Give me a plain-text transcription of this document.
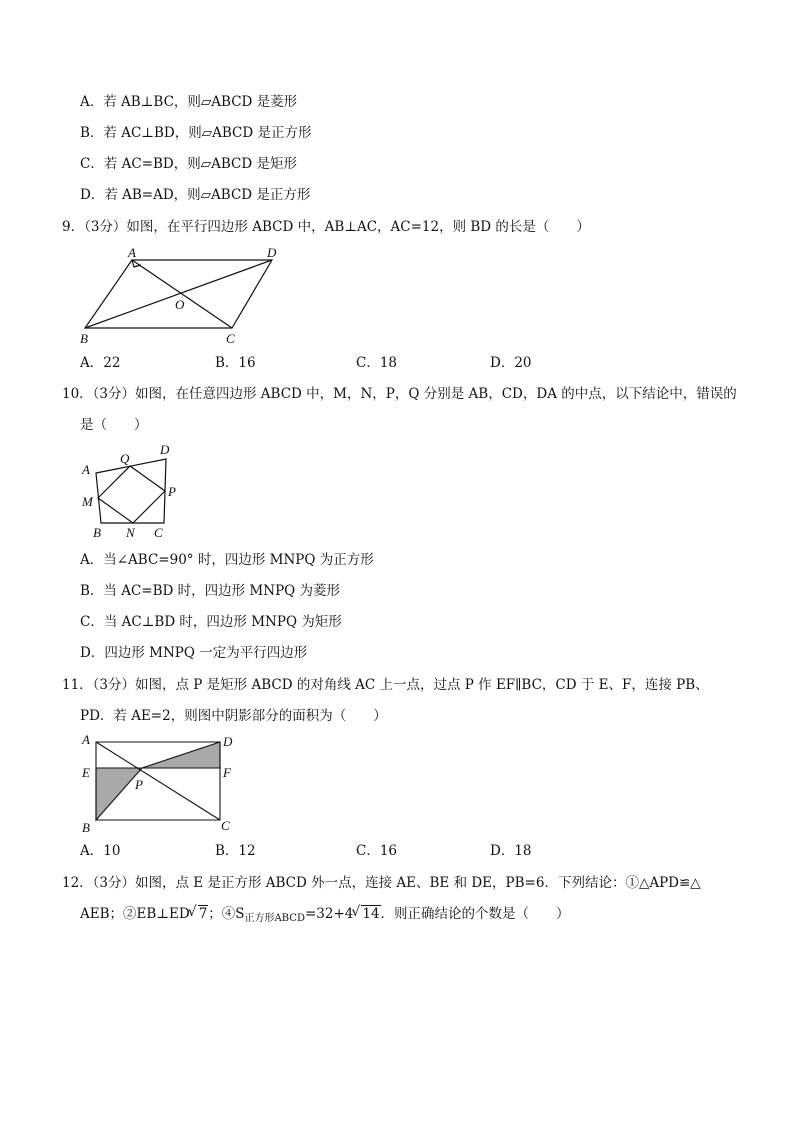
A．若 AB⊥BC，则▱ABCD 是菱形
B．若 AC⊥BD，则▱ABCD 是正方形
C．若 AC=BD，则▱ABCD 是矩形
D．若 AB=AD，则▱ABCD 是正方形
9．（3分）如图，在平行四边形 ABCD 中，AB⊥AC，AC=12，则 BD 的长是（　　）
A	D
B	C
O
A．22	B．16	C．18	D．20
10．（3分）如图，在任意四边形 ABCD 中，M，N，P，Q 分别是 AB，CD，DA 的中点，以下结论中，错误的
是（　　）
A
D
Q
M
P
B N C
A．当∠ABC=90° 时，四边形 MNPQ 为正方形
B．当 AC=BD 时，四边形 MNPQ 为菱形
C．当 AC⊥BD 时，四边形 MNPQ 为矩形
D．四边形 MNPQ 一定为平行四边形
11．（3分）如图，点 P 是矩形 ABCD 的对角线 AC 上一点，过点 P 作 EF∥BC，CD 于 E、F，连接 PB、
PD．若 AE=2，则图中阴影部分的面积为（　　）
A	D
E	F
P
B	C
A．10	B．12	C．16	D．18
12．（3分）如图，点 E 是正方形 ABCD 外一点，连接 AE、BE 和 DE，PB=6．下列结论：①△APD≌△
AEB；②EB⊥ED√ 7；$④S_{正方形ABCD}=32+4√$ 14．则正确结论的个数是（　　）
